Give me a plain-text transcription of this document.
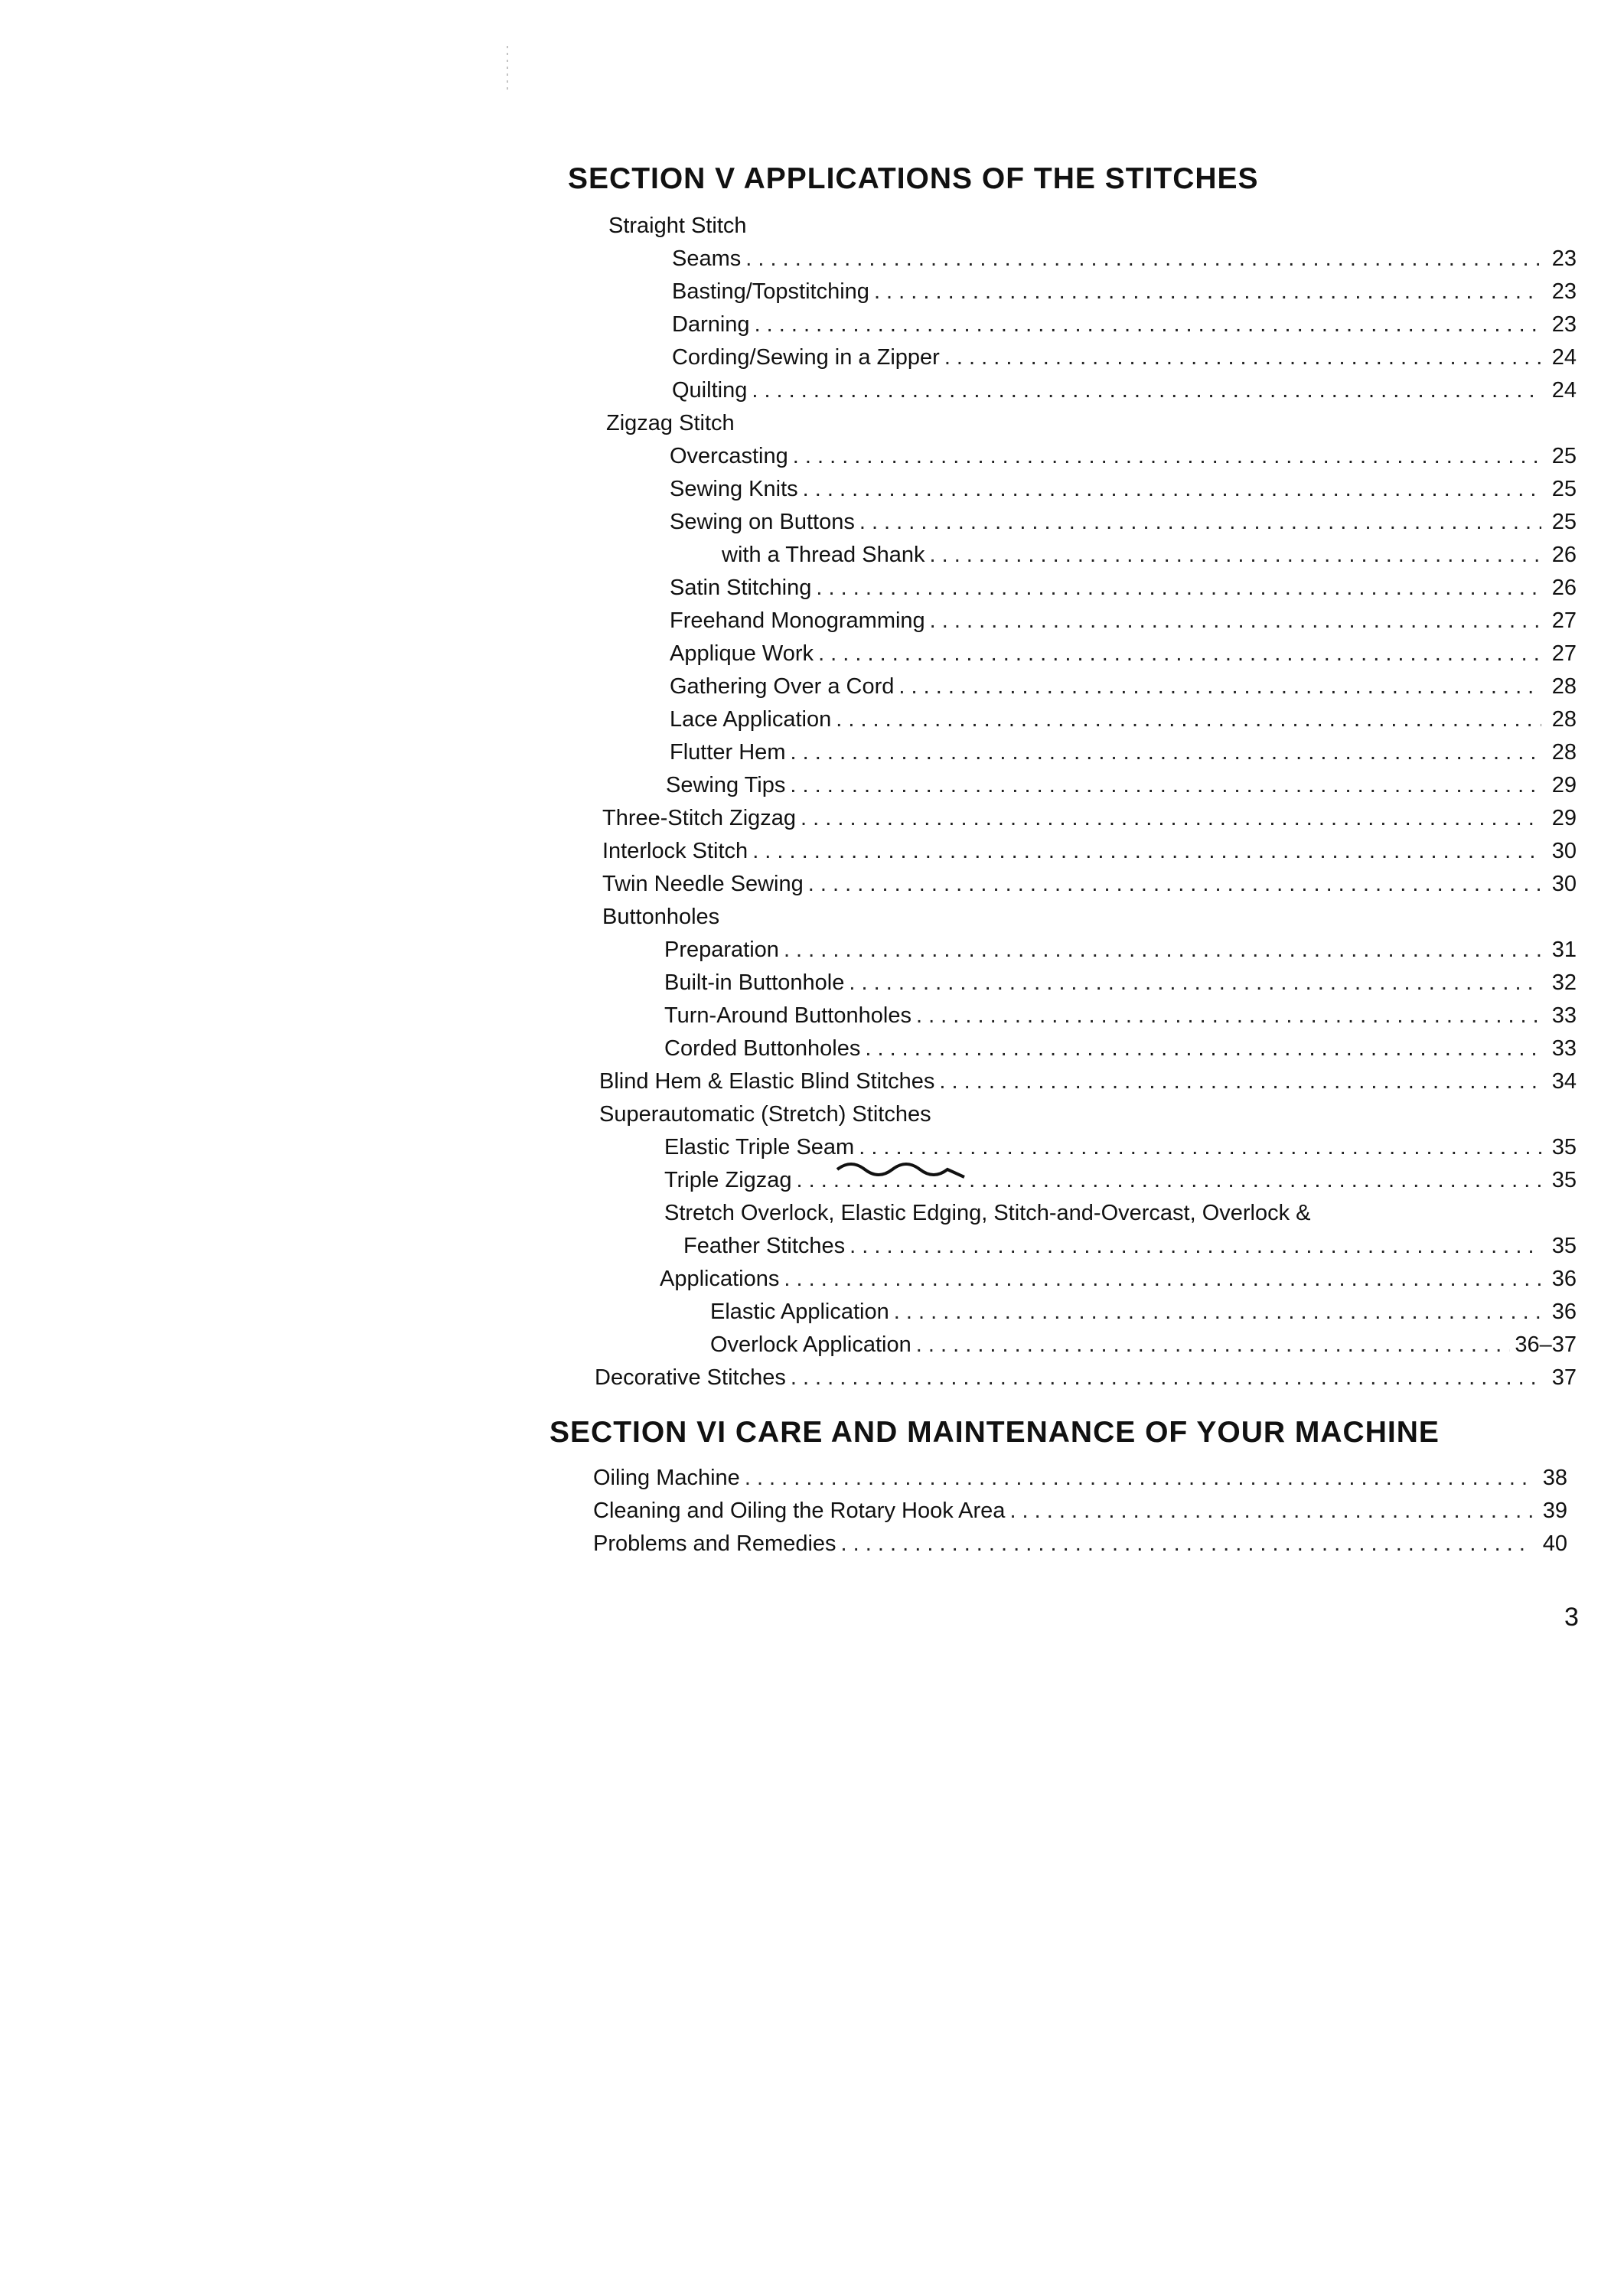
SECTION V APPLICATIONS OF THE STITCHES
Straight Stitch
Seams . . .	23
Basting/Topstitching . . .	23
Darning . . .	23
Cording/Sewing in a Zipper . . .	24
Quilting . . .	24
Zigzag Stitch
Overcasting . . .	25
Sewing Knits . . .	25
Sewing on Buttons . . .	25
with a Thread Shank . . .	26
Satin Stitching . . .	26
Freehand Monogramming . . .	27
Applique Work . . .	27
Gathering Over a Cord . . .	28
Lace Application . . .	28
Flutter Hem . . .	28
Sewing Tips . . .	29
Three-Stitch Zigzag . . .	29
Interlock Stitch . . .	30
Twin Needle Sewing . . .	30
Buttonholes
Preparation . . .	31
Built-in Buttonhole . . .	32
Turn-Around Buttonholes . . .	33
Corded Buttonholes . . .	33
Blind Hem & Elastic Blind Stitches . . .	34
Superautomatic (Stretch) Stitches
Elastic Triple Seam . . .	35
Triple Zigzag . . .	35
Stretch Overlock, Elastic Edging, Stitch-and-Overcast, Overlock &
Feather Stitches . . .	35
Applications . . .	36
Elastic Application . . .	36
Overlock Application . . .	36–37
Decorative Stitches . . .	37
SECTION VI CARE AND MAINTENANCE OF YOUR MACHINE
Oiling Machine . . .	38
Cleaning and Oiling the Rotary Hook Area . . .	39
Problems and Remedies . . .	40

3
